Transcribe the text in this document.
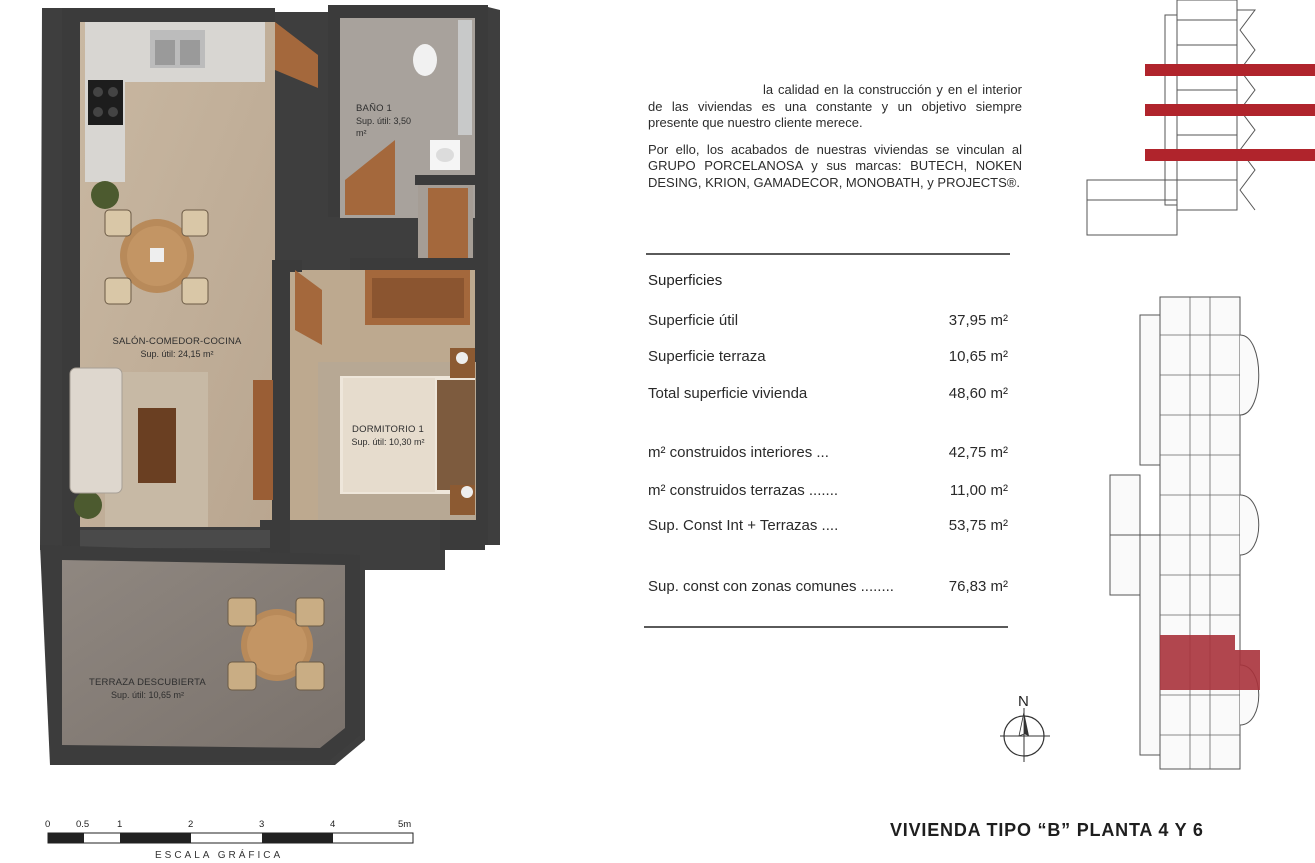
BAÑO 1
Sup. útil: 3,50 m²
SALÓN-COMEDOR-COCINA
Sup. útil: 24,15 m²
DORMITORIO 1
Sup. útil: 10,30 m²
TERRAZA DESCUBIERTA
Sup. útil: 10,65 m²
0	0.5	1	2	3	4	5m
ESCALA GRÁFICA

la calidad en la construcción y en el interior de las viviendas es una constante y un objetivo siempre presente que nuestro cliente merece.

Por ello, los acabados de nuestras viviendas se vinculan al GRUPO PORCELANOSA y sus marcas: BUTECH, NOKEN DESING, KRION, GAMADECOR, MONOBATH, y PROJECTS®.

Superficies
Superficie útil	37,95 m²
Superficie terraza	10,65 m²
Total superficie vivienda	48,60 m²
m² construidos interiores ...	42,75 m²
m² construidos terrazas .......	11,00 m²
Sup. Const Int + Terrazas ....	53,75 m²
Sup. const con zonas comunes ........	76,83 m²
N
VIVIENDA TIPO “B” PLANTA 4 Y 6
